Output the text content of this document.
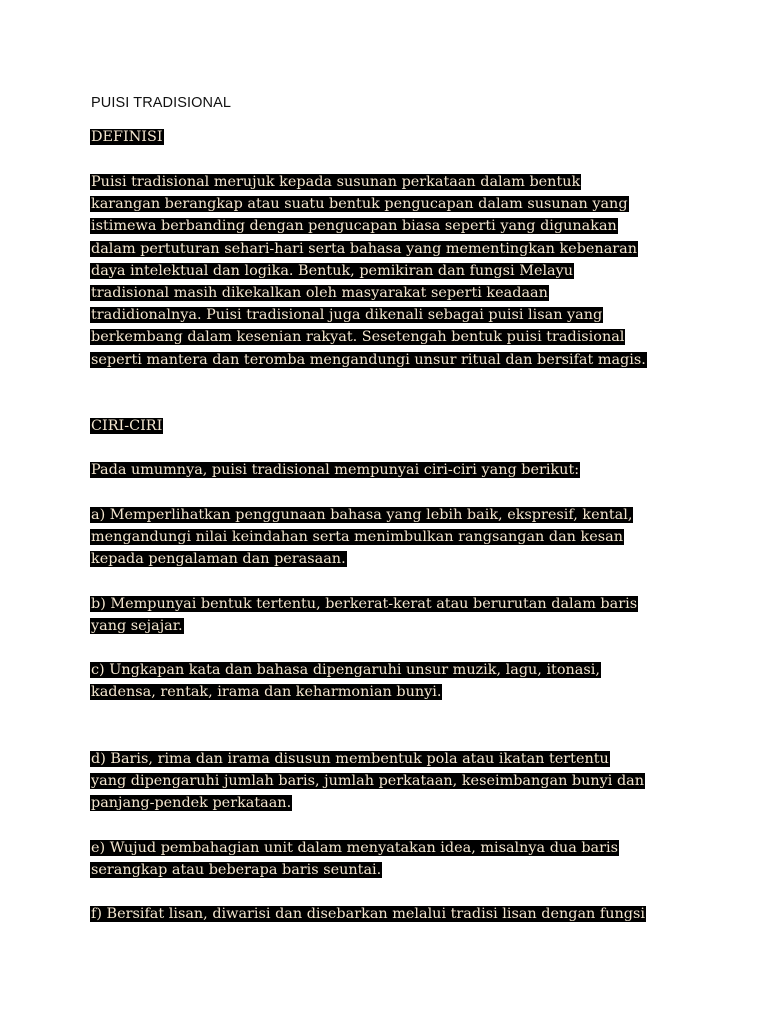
PUISI TRADISIONAL
DEFINISI
Puisi tradisional merujuk kepada susunan perkataan dalam bentuk
karangan berangkap atau suatu bentuk pengucapan dalam susunan yang
istimewa berbanding dengan pengucapan biasa seperti yang digunakan
dalam pertuturan sehari-hari serta bahasa yang mementingkan kebenaran
daya intelektual dan logika. Bentuk, pemikiran dan fungsi Melayu
tradisional masih dikekalkan oleh masyarakat seperti keadaan
tradidionalnya. Puisi tradisional juga dikenali sebagai puisi lisan yang
berkembang dalam kesenian rakyat. Sesetengah bentuk puisi tradisional
seperti mantera dan teromba mengandungi unsur ritual dan bersifat magis.
CIRI-CIRI
Pada umumnya, puisi tradisional mempunyai ciri-ciri yang berikut:
a) Memperlihatkan penggunaan bahasa yang lebih baik, ekspresif, kental,
mengandungi nilai keindahan serta menimbulkan rangsangan dan kesan
kepada pengalaman dan perasaan.
b) Mempunyai bentuk tertentu, berkerat-kerat atau berurutan dalam baris
yang sejajar.
c) Ungkapan kata dan bahasa dipengaruhi unsur muzik, lagu, itonasi,
kadensa, rentak, irama dan keharmonian bunyi.
d) Baris, rima dan irama disusun membentuk pola atau ikatan tertentu
yang dipengaruhi jumlah baris, jumlah perkataan, keseimbangan bunyi dan
panjang-pendek perkataan.
e) Wujud pembahagian unit dalam menyatakan idea, misalnya dua baris
serangkap atau beberapa baris seuntai.
f) Bersifat lisan, diwarisi dan disebarkan melalui tradisi lisan dengan fungsi
